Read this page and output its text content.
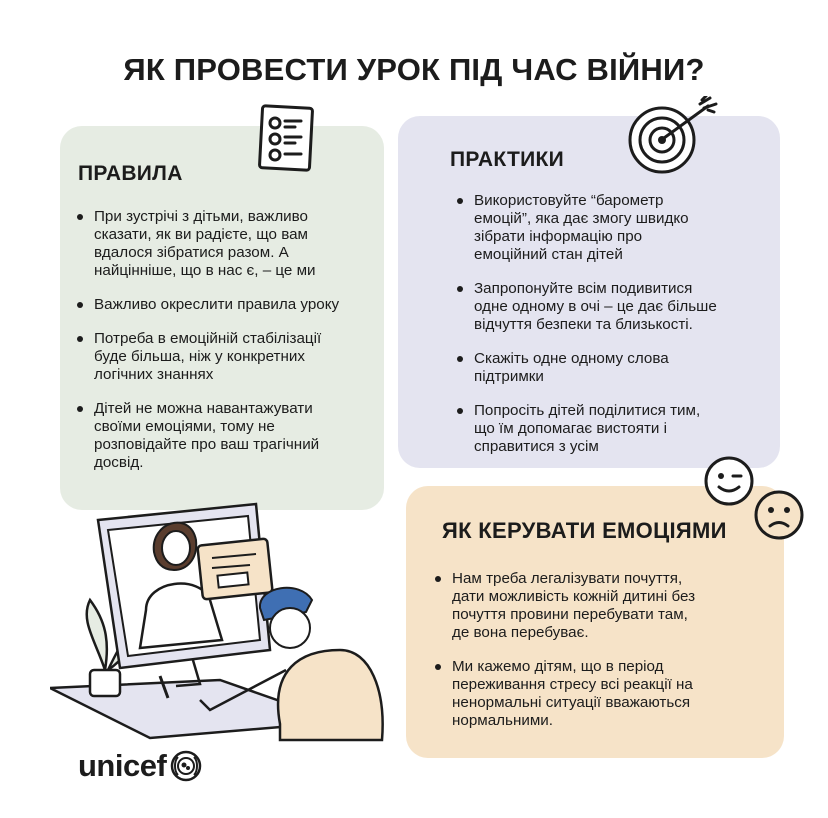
ЯК ПРОВЕСТИ УРОК ПІД ЧАС ВІЙНИ?
ПРАВИЛА
При зустрічі з дітьми, важливо
сказати, як ви радієте, що вам
вдалося зібратися разом. А
найцінніше, що в нас є, – це ми
Важливо окреслити правила уроку
Потреба в емоційній стабілізації
буде більша, ніж у конкретних
логічних знаннях
Дітей не можна навантажувати
своїми емоціями, тому не
розповідайте про ваш трагічний
досвід.
ПРАКТИКИ
Використовуйте “барометр
емоцій”, яка дає змогу швидко
зібрати інформацію про
емоційний стан дітей
Запропонуйте всім подивитися
одне одному в очі – це дає більше
відчуття безпеки та близькості.
Скажіть одне одному слова
підтримки
Попросіть дітей поділитися тим,
що їм допомагає вистояти і
справитися з усім
ЯК КЕРУВАТИ ЕМОЦІЯМИ
Нам треба легалізувати почуття,
дати можливість кожній дитині без
почуття провини перебувати там,
де вона перебуває.
Ми кажемо дітям, що в період
переживання стресу всі реакції на
ненормальні ситуації вважаються
нормальними.
unicef
